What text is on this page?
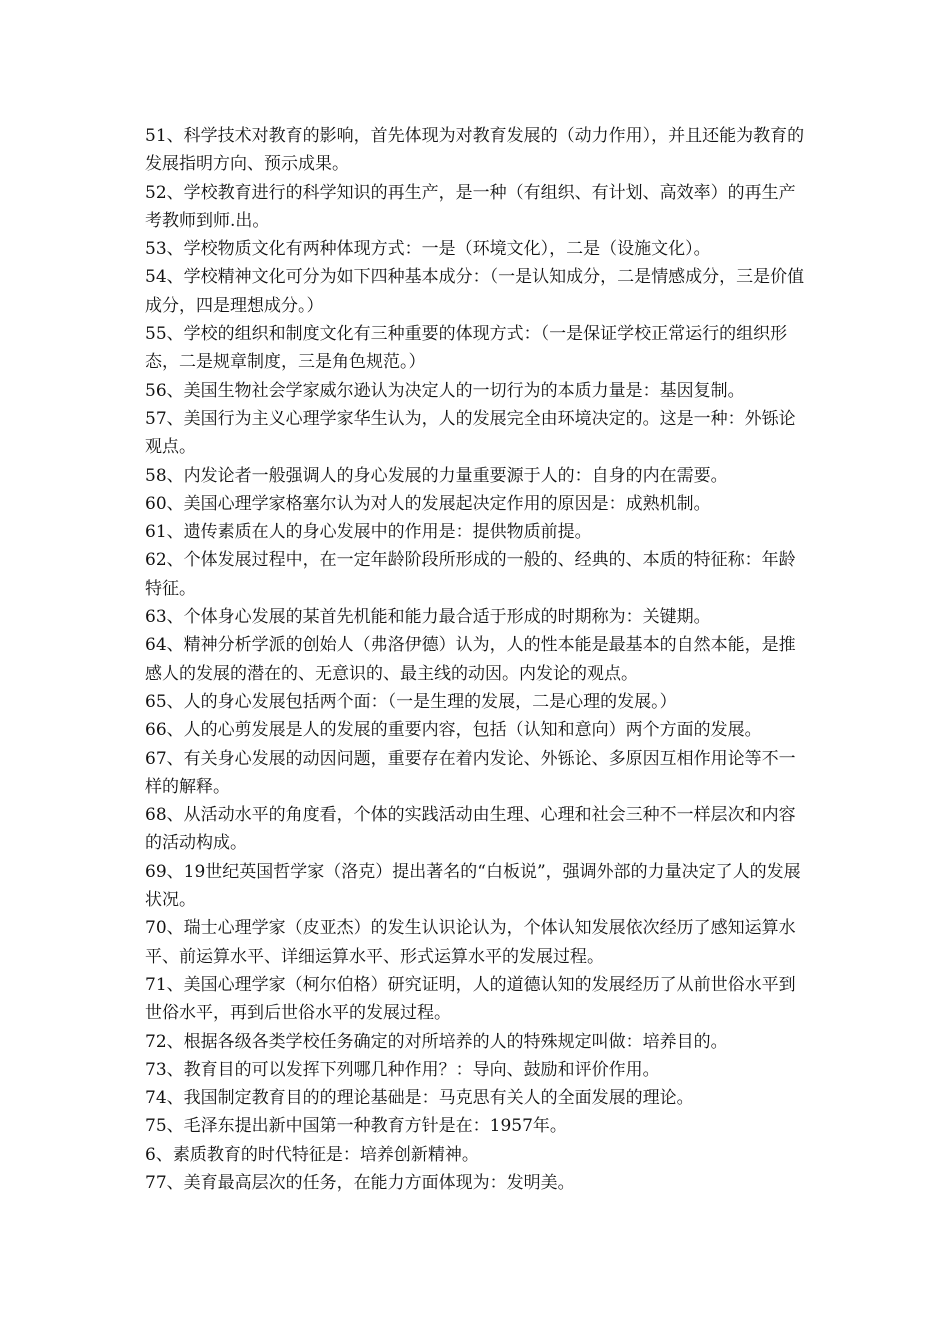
51、科学技术对教育的影响，首先体现为对教育发展的（动力作用），并且还能为教育的发展指明方向、预示成果。

52、学校教育进行的科学知识的再生产，是一种（有组织、有计划、高效率）的再生产考教师到师.出。

53、学校物质文化有两种体现方式：一是（环境文化），二是（设施文化）。

54、学校精神文化可分为如下四种基本成分：（一是认知成分，二是情感成分，三是价值成分，四是理想成分。）

55、学校的组织和制度文化有三种重要的体现方式：（一是保证学校正常运行的组织形态，二是规章制度，三是角色规范。）

56、美国生物社会学家威尔逊认为决定人的一切行为的本质力量是：基因复制。

57、美国行为主义心理学家华生认为，人的发展完全由环境决定的。这是一种：外铄论观点。

58、内发论者一般强调人的身心发展的力量重要源于人的：自身的内在需要。

60、美国心理学家格塞尔认为对人的发展起决定作用的原因是：成熟机制。

61、遗传素质在人的身心发展中的作用是：提供物质前提。

62、个体发展过程中，在一定年龄阶段所形成的一般的、经典的、本质的特征称：年龄特征。

63、个体身心发展的某首先机能和能力最合适于形成的时期称为：关键期。

64、精神分析学派的创始人（弗洛伊德）认为，人的性本能是最基本的自然本能，是推感人的发展的潜在的、无意识的、最主线的动因。内发论的观点。

65、人的身心发展包括两个面：（一是生理的发展，二是心理的发展。）

66、人的心剪发展是人的发展的重要内容，包括（认知和意向）两个方面的发展。

67、有关身心发展的动因问题，重要存在着内发论、外铄论、多原因互相作用论等不一样的解释。

68、从活动水平的角度看，个体的实践活动由生理、心理和社会三种不一样层次和内容的活动构成。

69、19世纪英国哲学家（洛克）提出著名的“白板说”，强调外部的力量决定了人的发展状况。

70、瑞士心理学家（皮亚杰）的发生认识论认为，个体认知发展依次经历了感知运算水平、前运算水平、详细运算水平、形式运算水平的发展过程。

71、美国心理学家（柯尔伯格）研究证明，人的道德认知的发展经历了从前世俗水平到世俗水平，再到后世俗水平的发展过程。

72、根据各级各类学校任务确定的对所培养的人的特殊规定叫做：培养目的。

73、教育目的可以发挥下列哪几种作用？：导向、鼓励和评价作用。

74、我国制定教育目的的理论基础是：马克思有关人的全面发展的理论。

75、毛泽东提出新中国第一种教育方针是在：1957年。

6、素质教育的时代特征是：培养创新精神。

77、美育最高层次的任务，在能力方面体现为：发明美。
